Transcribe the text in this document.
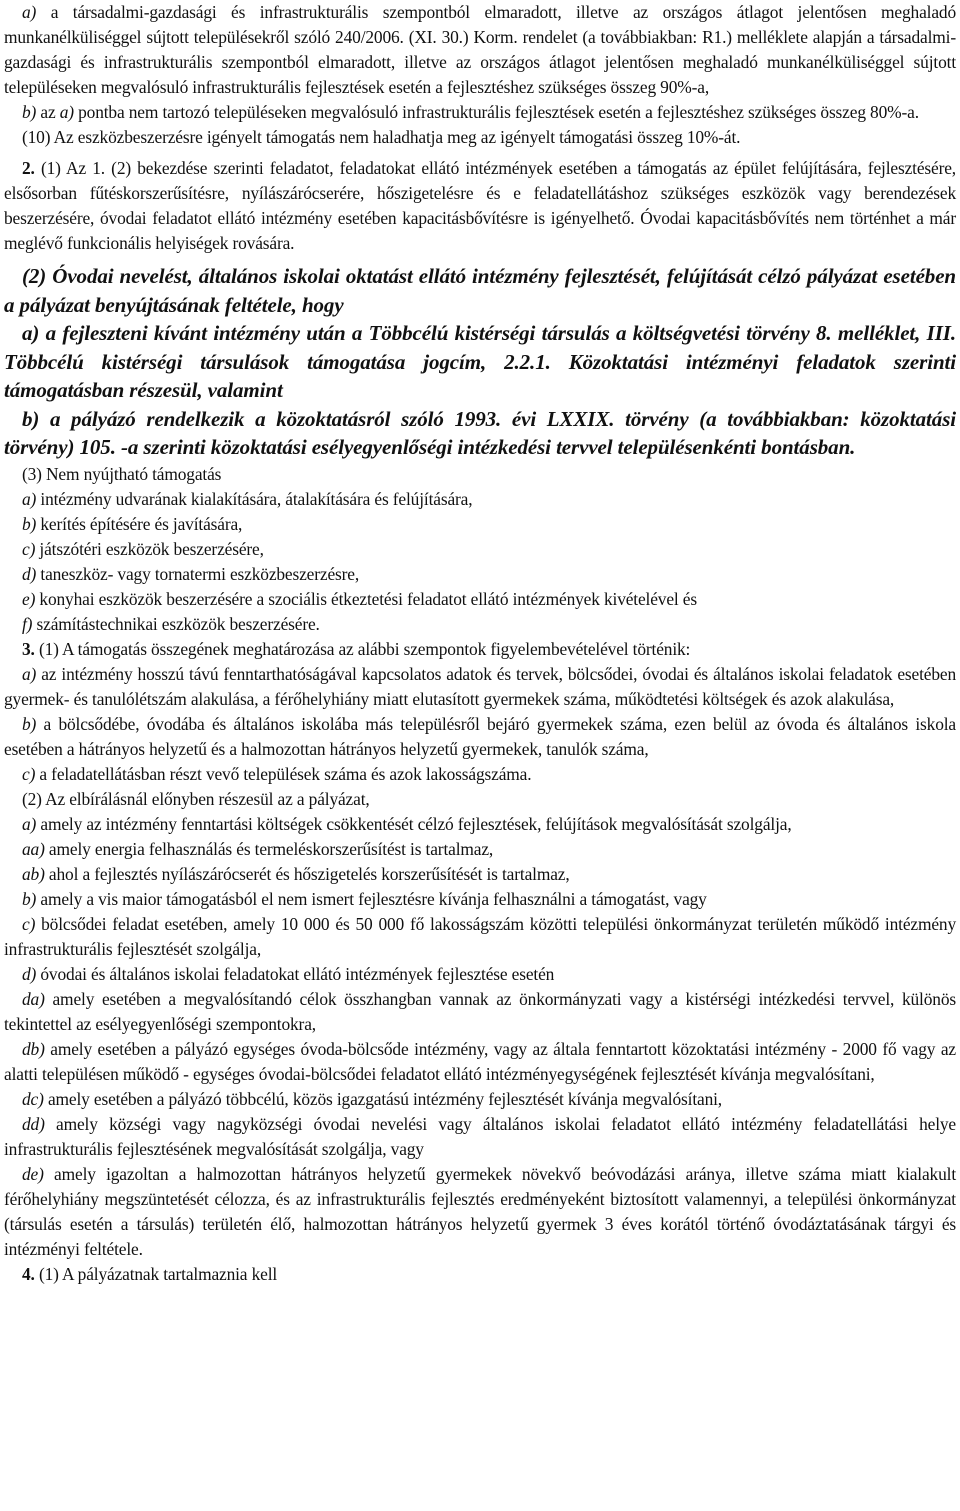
a) a társadalmi-gazdasági és infrastrukturális szempontból elmaradott, illetve az országos átlagot jelentősen meghaladó munkanélküliséggel sújtott településekről szóló 240/2006. (XI. 30.) Korm. rendelet (a továbbiakban: R1.) melléklete alapján a társadalmi-gazdasági és infrastrukturális szempontból elmaradott, illetve az országos átlagot jelentősen meghaladó munkanélküliséggel sújtott településeken megvalósuló infrastrukturális fejlesztések esetén a fejlesztéshez szükséges összeg 90%-a,

b) az a) pontba nem tartozó településeken megvalósuló infrastrukturális fejlesztések esetén a fejlesztéshez szükséges összeg 80%-a.

(10) Az eszközbeszerzésre igényelt támogatás nem haladhatja meg az igényelt támogatási összeg 10%-át.

2. (1) Az 1. (2) bekezdése szerinti feladatot, feladatokat ellátó intézmények esetében a támogatás az épület felújítására, fejlesztésére, elsősorban fűtéskorszerűsítésre, nyílászárócserére, hőszigetelésre és e feladatellátáshoz szükséges eszközök vagy berendezések beszerzésére, óvodai feladatot ellátó intézmény esetében kapacitásbővítésre is igényelhető. Óvodai kapacitásbővítés nem történhet a már meglévő funkcionális helyiségek rovására.

(2) Óvodai nevelést, általános iskolai oktatást ellátó intézmény fejlesztését, felújítását célzó pályázat esetében a pályázat benyújtásának feltétele, hogy

a) a fejleszteni kívánt intézmény után a Többcélú kistérségi társulás a költségvetési törvény 8. melléklet, III. Többcélú kistérségi társulások támogatása jogcím, 2.2.1. Közoktatási intézményi feladatok szerinti támogatásban részesül, valamint

b) a pályázó rendelkezik a közoktatásról szóló 1993. évi LXXIX. törvény (a továbbiakban: közoktatási törvény) 105. -a szerinti közoktatási esélyegyenlőségi intézkedési tervvel településenkénti bontásban.

(3) Nem nyújtható támogatás

a) intézmény udvarának kialakítására, átalakítására és felújítására,

b) kerítés építésére és javítására,

c) játszótéri eszközök beszerzésére,

d) taneszköz- vagy tornatermi eszközbeszerzésre,

e) konyhai eszközök beszerzésére a szociális étkeztetési feladatot ellátó intézmények kivételével és

f) számítástechnikai eszközök beszerzésére.

3. (1) A támogatás összegének meghatározása az alábbi szempontok figyelembevételével történik:

a) az intézmény hosszú távú fenntarthatóságával kapcsolatos adatok és tervek, bölcsődei, óvodai és általános iskolai feladatok esetében gyermek- és tanulólétszám alakulása, a férőhelyhiány miatt elutasított gyermekek száma, működtetési költségek és azok alakulása,

b) a bölcsődébe, óvodába és általános iskolába más településről bejáró gyermekek száma, ezen belül az óvoda és általános iskola esetében a hátrányos helyzetű és a halmozottan hátrányos helyzetű gyermekek, tanulók száma,

c) a feladatellátásban részt vevő települések száma és azok lakosságszáma.

(2) Az elbírálásnál előnyben részesül az a pályázat,

a) amely az intézmény fenntartási költségek csökkentését célzó fejlesztések, felújítások megvalósítását szolgálja,

aa) amely energia felhasználás és termeléskorszerűsítést is tartalmaz,

ab) ahol a fejlesztés nyílászárócserét és hőszigetelés korszerűsítését is tartalmaz,

b) amely a vis maior támogatásból el nem ismert fejlesztésre kívánja felhasználni a támogatást, vagy

c) bölcsődei feladat esetében, amely 10 000 és 50 000 fő lakosságszám közötti települési önkormányzat területén működő intézmény infrastrukturális fejlesztését szolgálja,

d) óvodai és általános iskolai feladatokat ellátó intézmények fejlesztése esetén

da) amely esetében a megvalósítandó célok összhangban vannak az önkormányzati vagy a kistérségi intézkedési tervvel, különös tekintettel az esélyegyenlőségi szempontokra,

db) amely esetében a pályázó egységes óvoda-bölcsőde intézmény, vagy az általa fenntartott közoktatási intézmény - 2000 fő vagy az alatti településen működő - egységes óvodai-bölcsődei feladatot ellátó intézményegységének fejlesztését kívánja megvalósítani,

dc) amely esetében a pályázó többcélú, közös igazgatású intézmény fejlesztését kívánja megvalósítani,

dd) amely községi vagy nagyközségi óvodai nevelési vagy általános iskolai feladatot ellátó intézmény feladatellátási helye infrastrukturális fejlesztésének megvalósítását szolgálja, vagy

de) amely igazoltan a halmozottan hátrányos helyzetű gyermekek növekvő beóvodázási aránya, illetve száma miatt kialakult férőhelyhiány megszüntetését célozza, és az infrastrukturális fejlesztés eredményeként biztosított valamennyi, a települési önkormányzat (társulás esetén a társulás) területén élő, halmozottan hátrányos helyzetű gyermek 3 éves korától történő óvodáztatásának tárgyi és intézményi feltétele.

4. (1) A pályázatnak tartalmaznia kell
